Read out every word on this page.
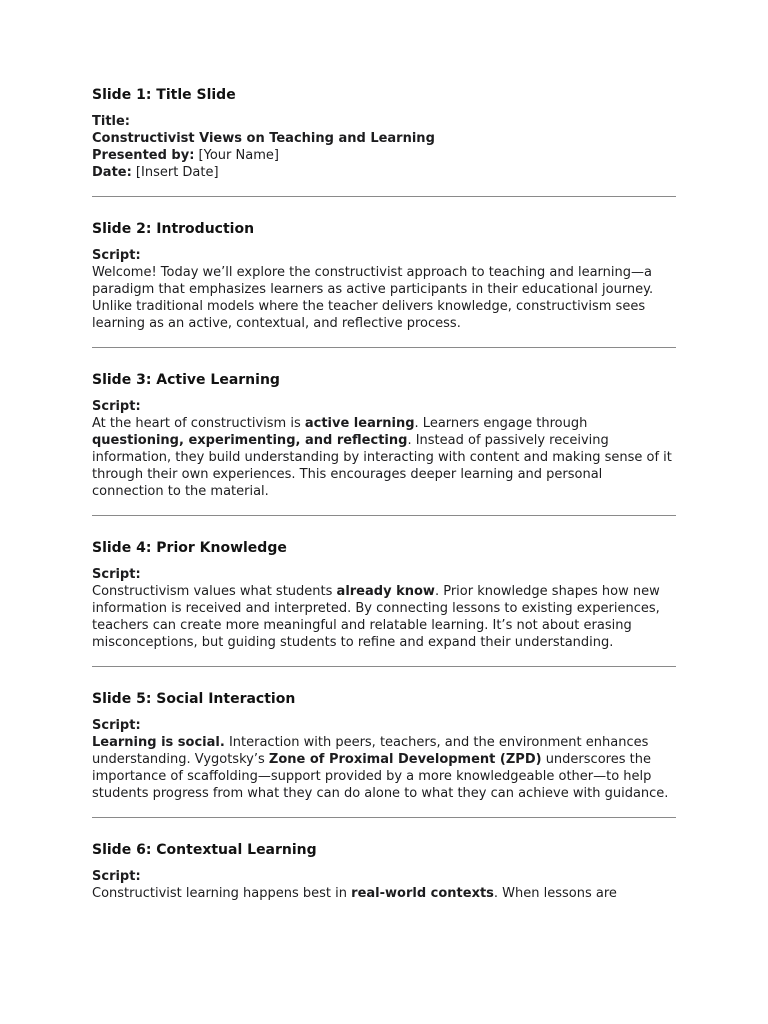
Slide 1: Title Slide
Title:
Constructivist Views on Teaching and Learning
Presented by: [Your Name]
Date: [Insert Date]
Slide 2: Introduction
Script:
Welcome! Today we’ll explore the constructivist approach to teaching and learning—a paradigm that emphasizes learners as active participants in their educational journey. Unlike traditional models where the teacher delivers knowledge, constructivism sees learning as an active, contextual, and reflective process.
Slide 3: Active Learning
Script:
At the heart of constructivism is active learning. Learners engage through questioning, experimenting, and reflecting. Instead of passively receiving information, they build understanding by interacting with content and making sense of it through their own experiences. This encourages deeper learning and personal connection to the material.
Slide 4: Prior Knowledge
Script:
Constructivism values what students already know. Prior knowledge shapes how new information is received and interpreted. By connecting lessons to existing experiences, teachers can create more meaningful and relatable learning. It’s not about erasing misconceptions, but guiding students to refine and expand their understanding.
Slide 5: Social Interaction
Script:
Learning is social. Interaction with peers, teachers, and the environment enhances understanding. Vygotsky’s Zone of Proximal Development (ZPD) underscores the importance of scaffolding—support provided by a more knowledgeable other—to help students progress from what they can do alone to what they can achieve with guidance.
Slide 6: Contextual Learning
Script:
Constructivist learning happens best in real-world contexts. When lessons are
